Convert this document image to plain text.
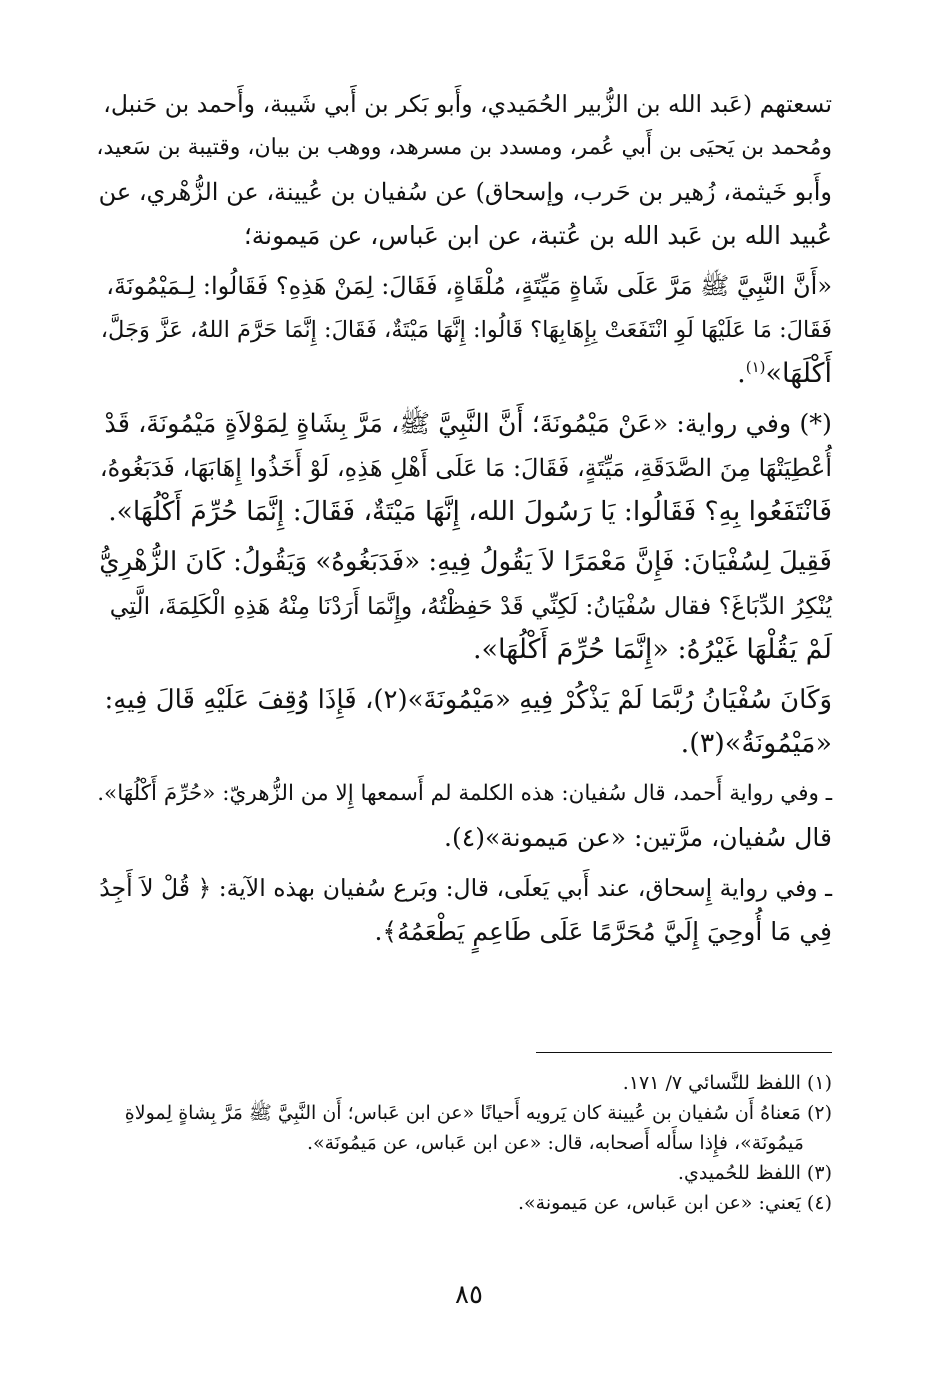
تسعتهم (عَبد الله بن الزُّبير الحُمَيدي، وأَبو بَكر بن أَبي شَيبة، وأَحمد بن حَنبل،
ومُحمد بن يَحيَى بن أَبي عُمر، ومسدد بن مسرهد، ووهب بن بيان، وقتيبة بن سَعيد،
وأَبو خَيثمة، زُهير بن حَرب، وإسحاق) عن سُفيان بن عُيينة، عن الزُّهْري، عن
عُبيد الله بن عَبد الله بن عُتبة، عن ابن عَباس، عن مَيمونة؛

«أَنَّ النَّبِيَّ ﷺ مَرَّ عَلَى شَاةٍ مَيِّتَةٍ، مُلْقَاةٍ، فَقَالَ: لِمَنْ هَذِهِ؟ فَقَالُوا: لِـمَيْمُونَةَ،
فَقَالَ: مَا عَلَيْهَا لَوِ انْتَفَعَتْ بِإِهَابِهَا؟ قَالُوا: إِنَّهَا مَيْتَةٌ، فَقَالَ: إِنَّمَا حَرَّمَ اللهُ، عَزَّ وَجَلَّ،
أَكْلَهَا»$^{(١)}$.

(*) وفي رواية: «عَنْ مَيْمُونَةَ؛ أَنَّ النَّبِيَّ ﷺ، مَرَّ بِشَاةٍ لِمَوْلاَةٍ مَيْمُونَةَ، قَدْ
أُعْطِيَتْهَا مِنَ الصَّدَقَةِ، مَيِّتَةٍ، فَقَالَ: مَا عَلَى أَهْلِ هَذِهِ، لَوْ أَخَذُوا إِهَابَهَا، فَدَبَغُوهُ،
فَانْتَفَعُوا بِهِ؟ فَقَالُوا: يَا رَسُولَ الله، إِنَّهَا مَيْتَةٌ، فَقَالَ: إِنَّمَا حُرِّمَ أَكْلُهَا».

فَقِيلَ لِسُفْيَانَ: فَإِنَّ مَعْمَرًا لاَ يَقُولُ فِيهِ: «فَدَبَغُوهُ» وَيَقُولُ: كَانَ الزُّهْرِيُّ
يُنْكِرُ الدِّبَاغَ؟ فقال سُفْيَانُ: لَكِنِّي قَدْ حَفِظْتُهُ، وإِنَّمَا أَرَدْنَا مِنْهُ هَذِهِ الْكَلِمَةَ، الَّتِي
لَمْ يَقُلْهَا غَيْرُهُ: «إِنَّمَا حُرِّمَ أَكْلُهَا».

وَكَانَ سُفْيَانُ رُبَّمَا لَمْ يَذْكُرْ فِيهِ «مَيْمُونَةَ»(٢)، فَإِذَا وُقِفَ عَلَيْهِ قَالَ فِيهِ:
«مَيْمُونَةُ»(٣).

ـ وفي رواية أَحمد، قال سُفيان: هذه الكلمة لم أَسمعها إِلا من الزُّهريّ: «حُرِّمَ أَكْلُهَا».
قال سُفيان، مرَّتين: «عن مَيمونة»(٤).

ـ وفي رواية إِسحاق، عند أَبي يَعلَى، قال: وبَرع سُفيان بهذه الآية: ﴿ قُلْ لاَ أَجِدُ
فِي مَا أُوحِيَ إِلَيَّ مُحَرَّمًا عَلَى طَاعِمٍ يَطْعَمُهُ﴾.

(١) اللفظ للنَّسائي ٧/ ١٧١.
(٢) مَعناهُ أَن سُفيان بن عُيينة كان يَرويه أَحيانًا «عن ابن عَباس؛ أَن النَّبِيَّ ﷺ مَرَّ بِشاةٍ لِمولاةِ
مَيمُونَة»، فإِذا سأَله أَصحابه، قال: «عن ابن عَباس، عن مَيمُونَة».
(٣) اللفظ للحُميدي.
(٤) يَعني: «عن ابن عَباس، عن مَيمونة».
٨٥
